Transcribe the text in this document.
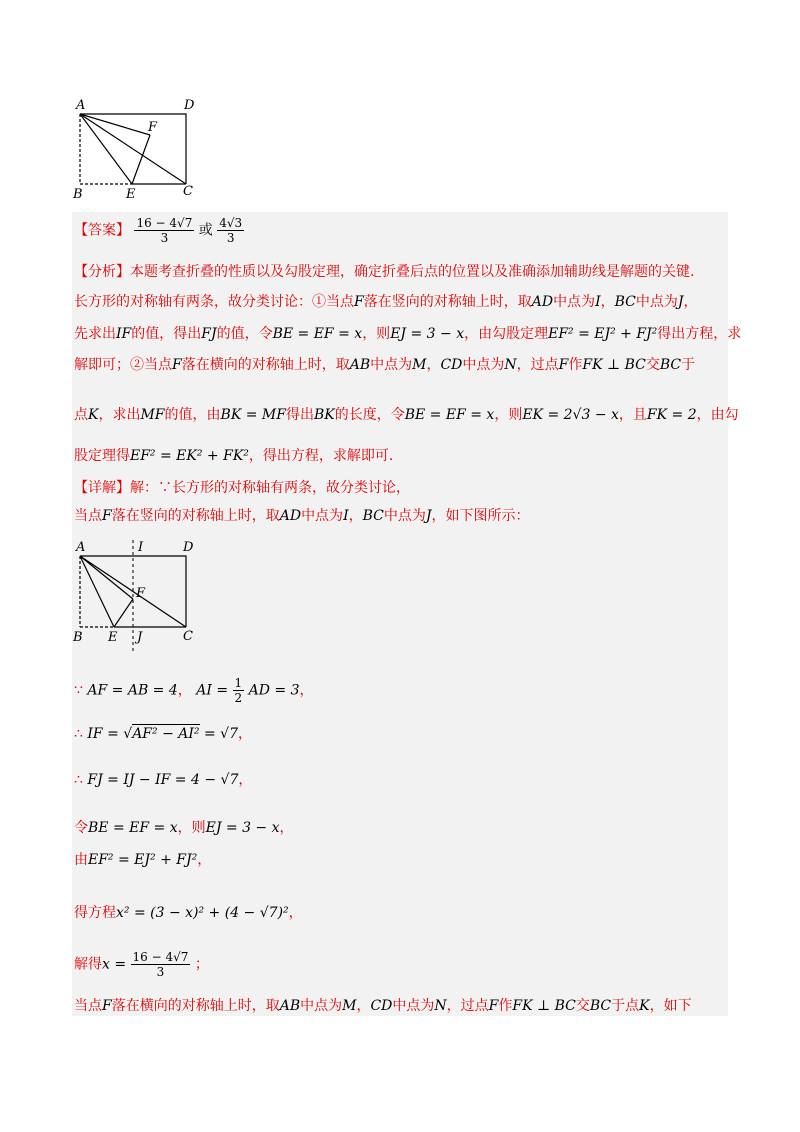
A	D
F
B	E	C
【答案】 $\frac{16 - 4√7}{3}$ 或 $\frac{4√3}{3}$
【分析】本题考查折叠的性质以及勾股定理，确定折叠后点的位置以及准确添加辅助线是解题的关键.
长方形的对称轴有两条，故分类讨论：①当点F落在竖向的对称轴上时，取AD中点为I，BC中点为J，
先求出IF的值，得出FJ的值，令BE = EF = x，则EJ = 3 − x，由勾股定理EF² = EJ² + FJ²得出方程，求
解即可；②当点F落在横向的对称轴上时，取AB中点为M，CD中点为N，过点F作FK ⊥ BC交BC于
点K，求出MF的值，由BK = MF得出BK的长度，令BE = EF = x，则EK = 2√3 − x，且FK = 2，由勾
股定理得EF² = EK² + FK²，得出方程，求解即可.
【详解】解：∵长方形的对称轴有两条，故分类讨论，
当点F落在竖向的对称轴上时，取AD中点为I，BC中点为J，如下图所示：
A	I	D
F
B E J	C
∵ AF = AB = 4， AI = $\frac{1}{2}$ AD = 3，
∴ IF = √AF² − AI² = √7，
∴ FJ = IJ − IF = 4 − √7，
令BE = EF = x，则EJ = 3 − x，
由EF² = EJ² + FJ²，
得方程x² = (3 − x)² + (4 − √7)²，
解得$x = \frac{16 - 4√7}{3}$ ；
当点F落在横向的对称轴上时，取AB中点为M，CD中点为N，过点F作FK ⊥ BC交BC于点K，如下
